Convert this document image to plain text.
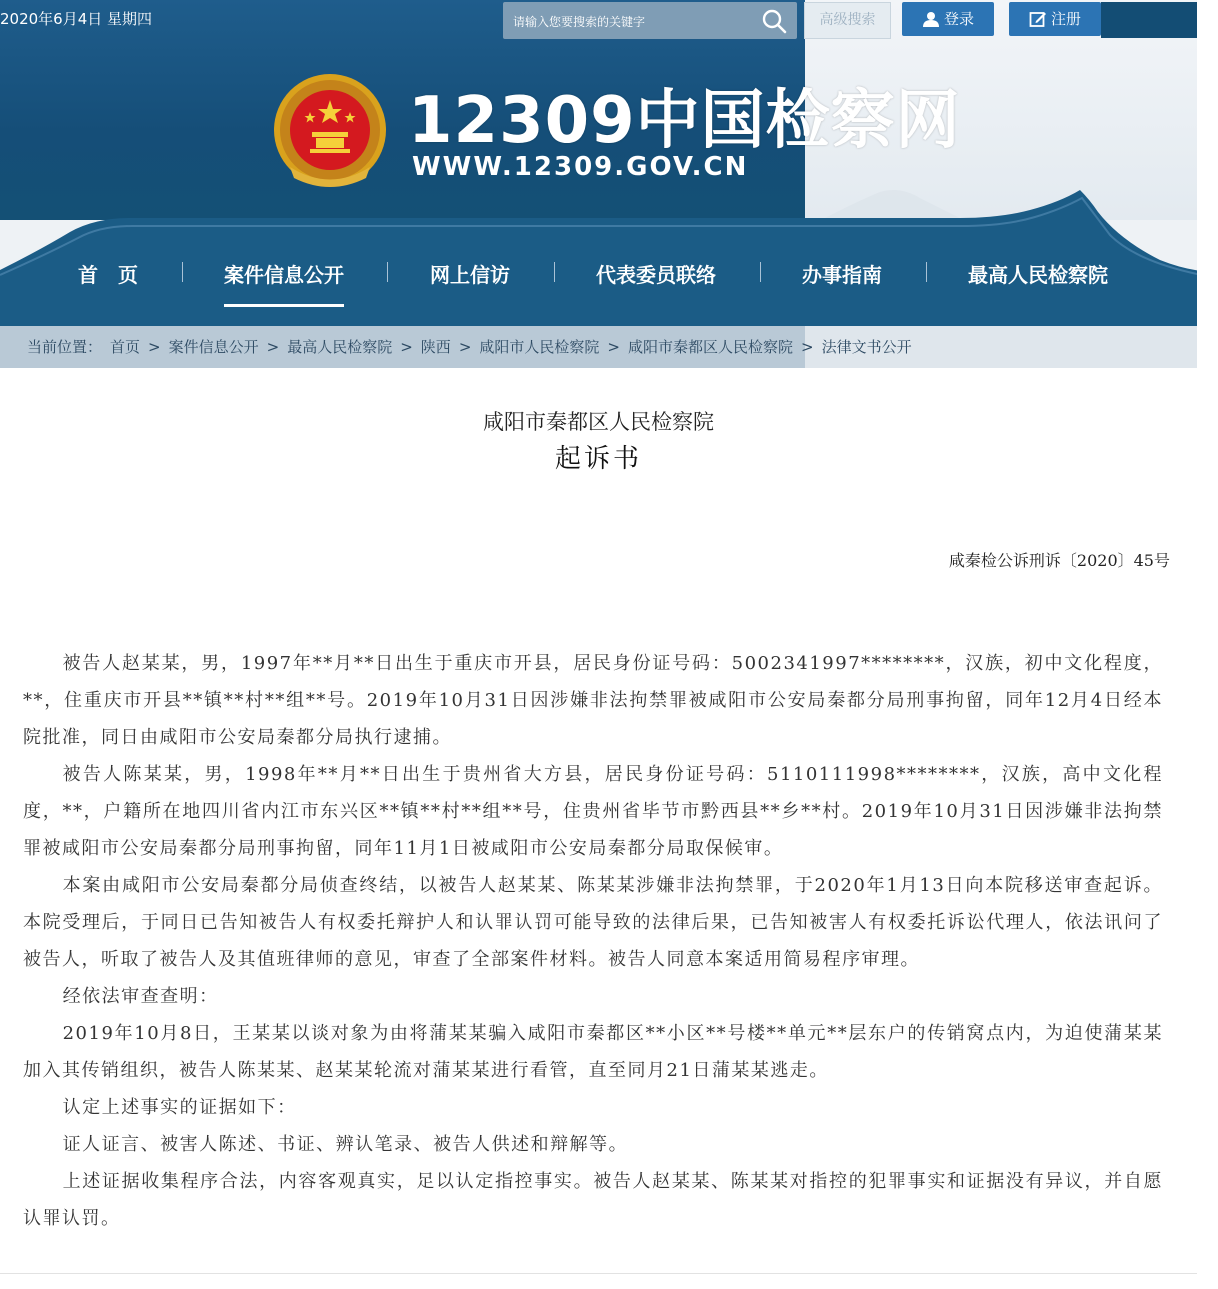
2020年6月4日 星期四
请输入您要搜索的关键字	高级搜索	登录	注册
12309中国检察网
WWW.12309.GOV.CN
首　页	案件信息公开	网上信访	代表委员联络	办事指南	最高人民检察院
当前位置： 首页 > 案件信息公开 > 最高人民检察院 > 陕西 > 咸阳市人民检察院 > 咸阳市秦都区人民检察院 > 法律文书公开
咸阳市秦都区人民检察院
起诉书
咸秦检公诉刑诉〔2020〕45号

被告人赵某某，男，1997年**月**日出生于重庆市开县，居民身份证号码：5002341997********，汉族，初中文化程度，**，住重庆市开县**镇**村**组**号。2019年10月31日因涉嫌非法拘禁罪被咸阳市公安局秦都分局刑事拘留，同年12月4日经本院批准，同日由咸阳市公安局秦都分局执行逮捕。

被告人陈某某，男，1998年**月**日出生于贵州省大方县，居民身份证号码：5110111998********，汉族，高中文化程度，**，户籍所在地四川省内江市东兴区**镇**村**组**号，住贵州省毕节市黔西县**乡**村。2019年10月31日因涉嫌非法拘禁罪被咸阳市公安局秦都分局刑事拘留，同年11月1日被咸阳市公安局秦都分局取保候审。

本案由咸阳市公安局秦都分局侦查终结，以被告人赵某某、陈某某涉嫌非法拘禁罪，于2020年1月13日向本院移送审查起诉。本院受理后，于同日已告知被告人有权委托辩护人和认罪认罚可能导致的法律后果，已告知被害人有权委托诉讼代理人，依法讯问了被告人，听取了被告人及其值班律师的意见，审查了全部案件材料。被告人同意本案适用简易程序审理。

经依法审查查明：

2019年10月8日，王某某以谈对象为由将蒲某某骗入咸阳市秦都区**小区**号楼**单元**层东户的传销窝点内，为迫使蒲某某加入其传销组织，被告人陈某某、赵某某轮流对蒲某某进行看管，直至同月21日蒲某某逃走。

认定上述事实的证据如下：

证人证言、被害人陈述、书证、辨认笔录、被告人供述和辩解等。

上述证据收集程序合法，内容客观真实，足以认定指控事实。被告人赵某某、陈某某对指控的犯罪事实和证据没有异议，并自愿认罪认罚。
